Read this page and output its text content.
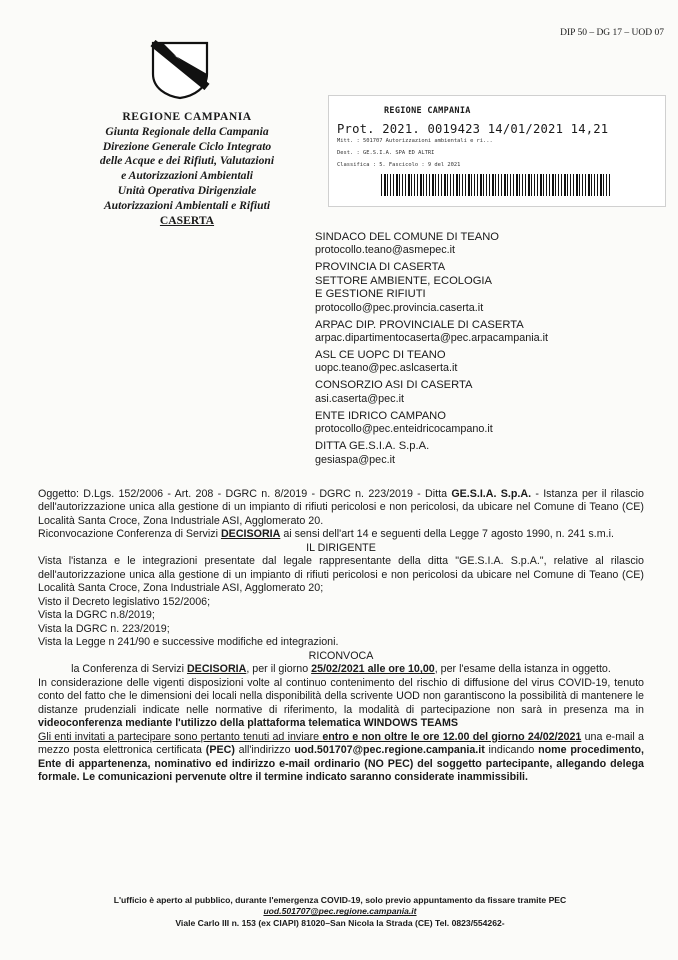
DIP 50 – DG 17 – UOD 07
REGIONE CAMPANIA
Giunta Regionale della Campania
Direzione Generale Ciclo Integrato
delle Acque e dei Rifiuti, Valutazioni
e Autorizzazioni Ambientali
Unità Operativa Dirigenziale
Autorizzazioni Ambientali e Rifiuti
CASERTA
REGIONE CAMPANIA
Prot. 2021. 0019423 14/01/2021 14,21
Mitt. : 501707 Autorizzazioni ambientali e ri...
Dest. : GE.S.I.A. SPA ED ALTRI
Classifica : 5. Fascicolo : 9 del 2021
SINDACO DEL COMUNE DI TEANO
protocollo.teano@asmepec.it
PROVINCIA DI CASERTA
SETTORE AMBIENTE, ECOLOGIA
E GESTIONE RIFIUTI
protocollo@pec.provincia.caserta.it
ARPAC DIP. PROVINCIALE DI CASERTA
arpac.dipartimentocaserta@pec.arpacampania.it
ASL CE UOPC DI TEANO
uopc.teano@pec.aslcaserta.it
CONSORZIO ASI DI CASERTA
asi.caserta@pec.it
ENTE IDRICO CAMPANO
protocollo@pec.enteidricocampano.it
DITTA GE.S.I.A. S.p.A.
gesiaspa@pec.it

Oggetto: D.Lgs. 152/2006 - Art. 208 - DGRC n. 8/2019 - DGRC n. 223/2019 - Ditta GE.S.I.A. S.p.A. - Istanza per il rilascio dell'autorizzazione unica alla gestione di un impianto di rifiuti pericolosi e non pericolosi, da ubicare nel Comune di Teano (CE) Località Santa Croce, Zona Industriale ASI, Agglomerato 20.

Riconvocazione Conferenza di Servizi DECISORIA ai sensi dell'art 14 e seguenti della Legge 7 agosto 1990, n. 241 s.m.i.

IL DIRIGENTE

Vista l'istanza e le integrazioni presentate dal legale rappresentante della ditta "GE.S.I.A. S.p.A.", relative al rilascio dell'autorizzazione unica alla gestione di un impianto di rifiuti pericolosi e non pericolosi da ubicare nel Comune di Teano (CE) Località Santa Croce, Zona Industriale ASI, Agglomerato 20;

Visto il Decreto legislativo 152/2006;

Vista la DGRC n.8/2019;

Vista la DGRC n. 223/2019;

Vista la Legge n 241/90 e successive modifiche ed integrazioni.

RICONVOCA

la Conferenza di Servizi DECISORIA, per il giorno 25/02/2021 alle ore 10,00, per l'esame della istanza in oggetto.

In considerazione delle vigenti disposizioni volte al continuo contenimento del rischio di diffusione del virus COVID-19, tenuto conto del fatto che le dimensioni dei locali nella disponibilità della scrivente UOD non garantiscono la possibilità di mantenere le distanze prudenziali indicate nelle normative di riferimento, la modalità di partecipazione non sarà in presenza ma in videoconferenza mediante l'utilizzo della plattaforma telematica WINDOWS TEAMS

Gli enti invitati a partecipare sono pertanto tenuti ad inviare entro e non oltre le ore 12.00 del giorno 24/02/2021 una e-mail a mezzo posta elettronica certificata (PEC) all'indirizzo uod.501707@pec.regione.campania.it indicando nome procedimento, Ente di appartenenza, nominativo ed indirizzo e-mail ordinario (NO PEC) del soggetto partecipante, allegando delega formale. Le comunicazioni pervenute oltre il termine indicato saranno considerate inammissibili.

L'ufficio è aperto al pubblico, durante l'emergenza COVID-19, solo previo appuntamento da fissare tramite PEC
uod.501707@pec.regione.campania.it
Viale Carlo III n. 153 (ex CIAPI) 81020–San Nicola la Strada (CE) Tel. 0823/554262-
